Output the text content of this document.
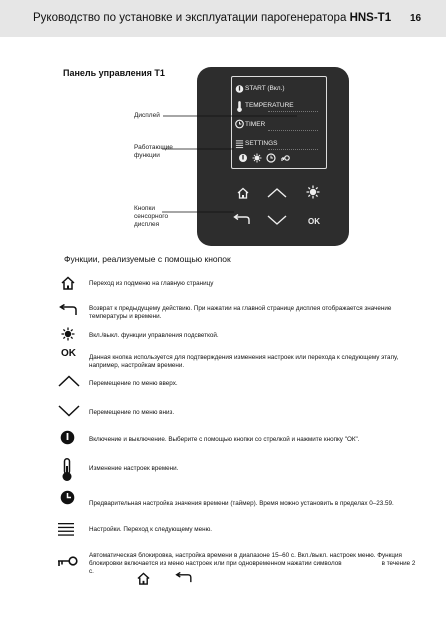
Руководство по установке и эксплуатации парогенератора HNS-T1 16
Панель управления T1
Дисплей
Работающие
функции
Кнопки
сенсорного
дисплея
START (Вкл.)
TEMPERATURE
TIMER
SETTINGS
OK
Функции, реализуемые с помощью кнопок
Переход из подменю на главную страницу
Возврат к предыдущему действию. При нажатии на главной странице дисплея отображается значение температуры и времени.
Вкл./выкл. функции управления подсветкой.
OK Данная кнопка используется для подтверждения изменения настроек или перехода к следующему этапу, например, настройкам времени.
Перемещение по меню вверх.
Перемещение по меню вниз.
Включение и выключение. Выберите с помощью кнопки со стрелкой и нажмите кнопку "ОК".
Изменение настроек времени.
Предварительная настройка значения времени (таймер). Время можно установить в пределах 0–23.59.
Настройки. Переход к следующему меню.
Автоматическая блокировка, настройка времени в диапазоне 15–60 с. Вкл./выкл. настроек меню. Функция блокировки включается из меню настроек или при одновременном нажатии символов	в течение 2 с.
